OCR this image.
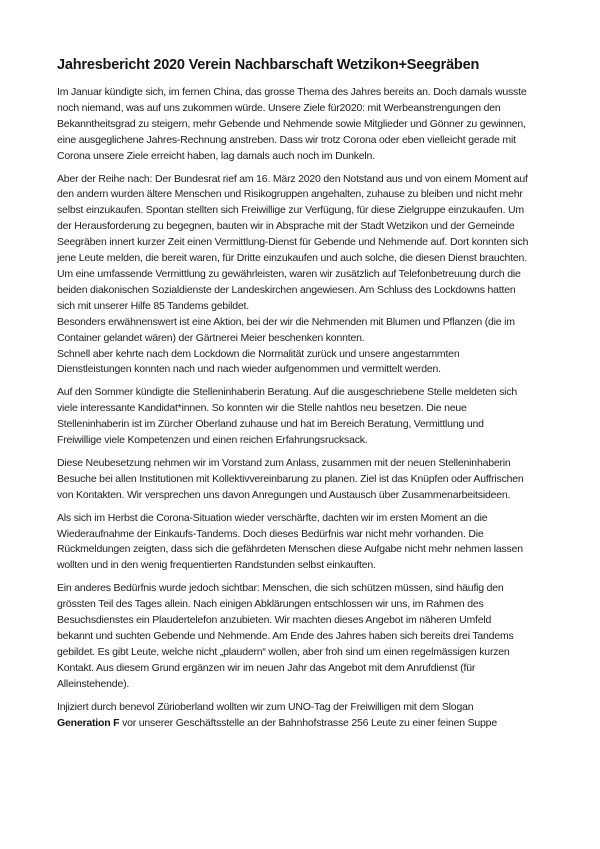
Jahresbericht 2020 Verein Nachbarschaft Wetzikon+Seegräben

Im Januar kündigte sich, im fernen China, das grosse Thema des Jahres bereits an. Doch damals wusste noch niemand, was auf uns zukommen würde. Unsere Ziele für2020: mit Werbeanstrengungen den Bekanntheitsgrad zu steigern, mehr Gebende und Nehmende sowie Mitglieder und Gönner zu gewinnen, eine ausgeglichene Jahres-Rechnung anstreben. Dass wir trotz Corona oder eben vielleicht gerade mit Corona unsere Ziele erreicht haben, lag damals auch noch im Dunkeln.

Aber der Reihe nach: Der Bundesrat rief am 16. März 2020 den Notstand aus und von einem Moment auf den andern wurden ältere Menschen und Risikogruppen angehalten, zuhause zu bleiben und nicht mehr selbst einzukaufen. Spontan stellten sich Freiwillige zur Verfügung, für diese Zielgruppe einzukaufen. Um der Herausforderung zu begegnen, bauten wir in Absprache mit der Stadt Wetzikon und der Gemeinde Seegräben innert kurzer Zeit einen Vermittlung-Dienst für Gebende und Nehmende auf. Dort konnten sich jene Leute melden, die bereit waren, für Dritte einzukaufen und auch solche, die diesen Dienst brauchten. Um eine umfassende Vermittlung zu gewährleisten, waren wir zusätzlich auf Telefonbetreuung durch die beiden diakonischen Sozialdienste der Landeskirchen angewiesen. Am Schluss des Lockdowns hatten sich mit unserer Hilfe 85 Tandems gebildet.
Besonders erwähnenswert ist eine Aktion, bei der wir die Nehmenden mit Blumen und Pflanzen (die im Container gelandet wären) der Gärtnerei Meier beschenken konnten.
Schnell aber kehrte nach dem Lockdown die Normalität zurück und unsere angestammten Dienstleistungen konnten nach und nach wieder aufgenommen und vermittelt werden.

Auf den Sommer kündigte die Stelleninhaberin Beratung. Auf die ausgeschriebene Stelle meldeten sich viele interessante Kandidat*innen. So konnten wir die Stelle nahtlos neu besetzen. Die neue Stelleninhaberin ist im Zürcher Oberland zuhause und hat im Bereich Beratung, Vermittlung und Freiwillige viele Kompetenzen und einen reichen Erfahrungsrucksack.

Diese Neubesetzung nehmen wir im Vorstand zum Anlass, zusammen mit der neuen Stelleninhaberin Besuche bei allen Institutionen mit Kollektivvereinbarung zu planen. Ziel ist das Knüpfen oder Auffrischen von Kontakten. Wir versprechen uns davon Anregungen und Austausch über Zusammenarbeitsideen.

Als sich im Herbst die Corona-Situation wieder verschärfte, dachten wir im ersten Moment an die Wiederaufnahme der Einkaufs-Tandems. Doch dieses Bedürfnis war nicht mehr vorhanden. Die Rückmeldungen zeigten, dass sich die gefährdeten Menschen diese Aufgabe nicht mehr nehmen lassen wollten und in den wenig frequentierten Randstunden selbst einkauften.

Ein anderes Bedürfnis wurde jedoch sichtbar: Menschen, die sich schützen müssen, sind häufig den grössten Teil des Tages allein. Nach einigen Abklärungen entschlossen wir uns, im Rahmen des Besuchsdienstes ein Plaudertelefon anzubieten. Wir machten dieses Angebot im näheren Umfeld bekannt und suchten Gebende und Nehmende. Am Ende des Jahres haben sich bereits drei Tandems gebildet. Es gibt Leute, welche nicht „plaudern“ wollen, aber froh sind um einen regelmässigen kurzen Kontakt. Aus diesem Grund ergänzen wir im neuen Jahr das Angebot mit dem Anrufdienst (für Alleinstehende).

Injiziert durch benevol Zürioberland wollten wir zum UNO-Tag der Freiwilligen mit dem Slogan Generation F vor unserer Geschäftsstelle an der Bahnhofstrasse 256 Leute zu einer feinen Suppe
